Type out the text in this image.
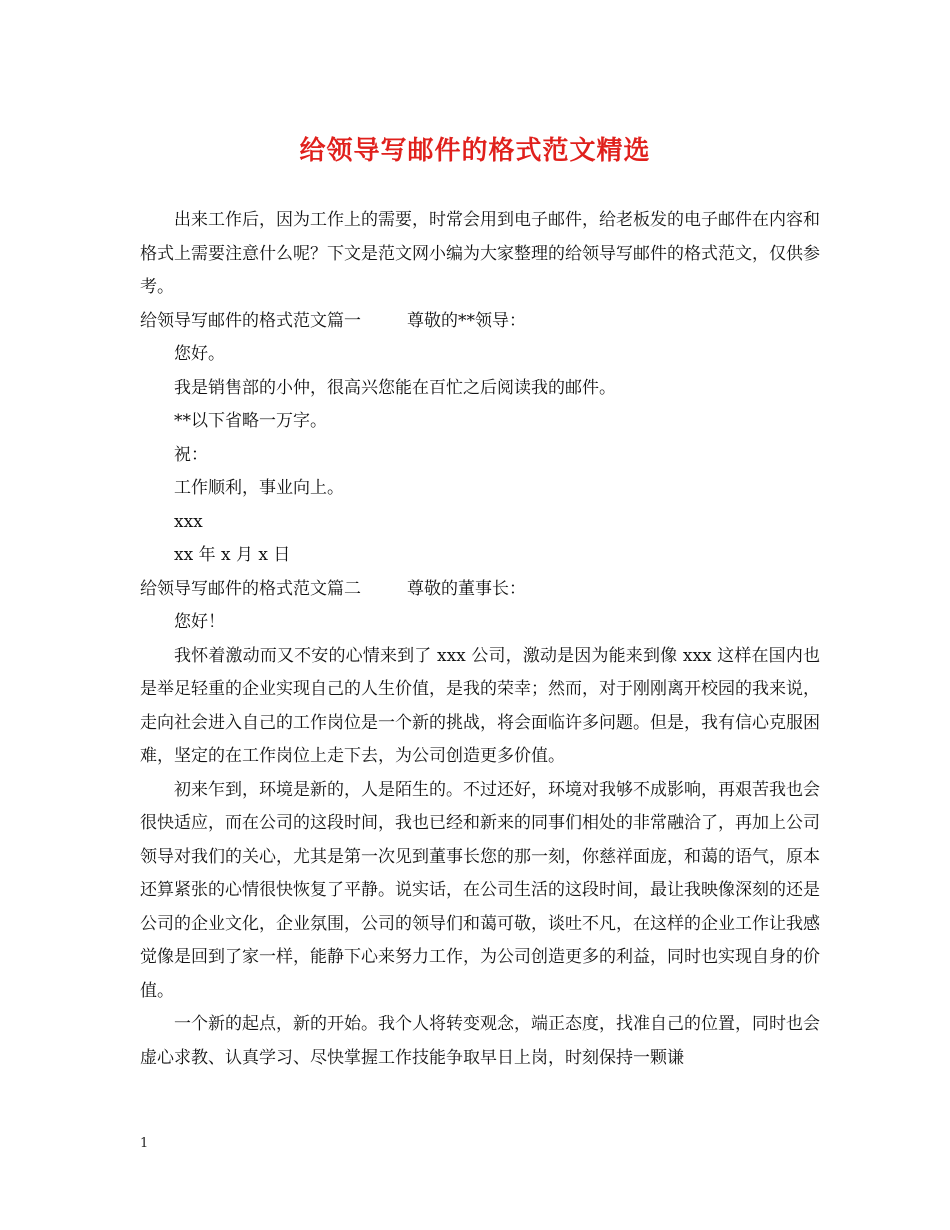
给领导写邮件的格式范文精选

出来工作后，因为工作上的需要，时常会用到电子邮件，给老板发的电子邮件在内容和格式上需要注意什么呢？下文是范文网小编为大家整理的给领导写邮件的格式范文，仅供参考。

给领导写邮件的格式范文篇一	尊敬的**领导：
您好。
我是销售部的小仲，很高兴您能在百忙之后阅读我的邮件。
**以下省略一万字。
祝：
工作顺利，事业向上。
xxx
xx 年 x 月 x 日
给领导写邮件的格式范文篇二	尊敬的董事长：
您好！

我怀着激动而又不安的心情来到了 xxx 公司，激动是因为能来到像 xxx 这样在国内也是举足轻重的企业实现自己的人生价值，是我的荣幸；然而，对于刚刚离开校园的我来说，走向社会进入自己的工作岗位是一个新的挑战，将会面临许多问题。但是，我有信心克服困难，坚定的在工作岗位上走下去，为公司创造更多价值。

初来乍到，环境是新的，人是陌生的。不过还好，环境对我够不成影响，再艰苦我也会很快适应，而在公司的这段时间，我也已经和新来的同事们相处的非常融洽了，再加上公司领导对我们的关心，尤其是第一次见到董事长您的那一刻，你慈祥面庞，和蔼的语气，原本还算紧张的心情很快恢复了平静。说实话，在公司生活的这段时间，最让我映像深刻的还是公司的企业文化，企业氛围，公司的领导们和蔼可敬，谈吐不凡，在这样的企业工作让我感觉像是回到了家一样，能静下心来努力工作，为公司创造更多的利益，同时也实现自身的价值。

一个新的起点，新的开始。我个人将转变观念，端正态度，找准自己的位置，同时也会虚心求教、认真学习、尽快掌握工作技能争取早日上岗，时刻保持一颗谦

1
